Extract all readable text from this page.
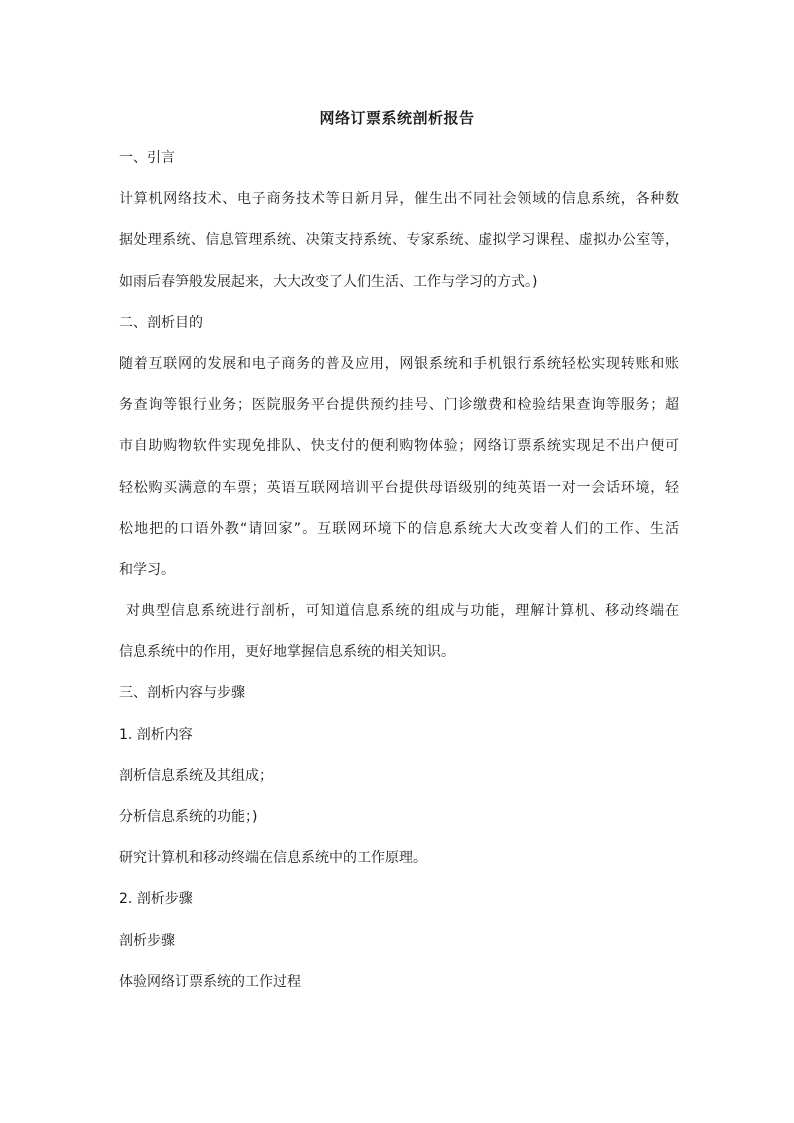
网络订票系统剖析报告
一、引言
计算机网络技术、电子商务技术等日新月异，催生出不同社会领域的信息系统，各种数
据处理系统、信息管理系统、决策支持系统、专家系统、虚拟学习课程、虚拟办公室等，
如雨后春笋般发展起来，大大改变了人们生活、工作与学习的方式。)
二、剖析目的
随着互联网的发展和电子商务的普及应用，网银系统和手机银行系统轻松实现转账和账
务查询等银行业务；医院服务平台提供预约挂号、门诊缴费和检验结果查询等服务；超
市自助购物软件实现免排队、快支付的便利购物体验；网络订票系统实现足不出户便可
轻松购买满意的车票；英语互联网培训平台提供母语级别的纯英语一对一会话环境，轻
松地把的口语外教“请回家”。互联网环境下的信息系统大大改变着人们的工作、生活
和学习。
对典型信息系统进行剖析，可知道信息系统的组成与功能，理解计算机、移动终端在
信息系统中的作用，更好地掌握信息系统的相关知识。
三、剖析内容与步骤
1. 剖析内容
剖析信息系统及其组成；
分析信息系统的功能；)
研究计算机和移动终端在信息系统中的工作原理。
2. 剖析步骤
剖析步骤
体验网络订票系统的工作过程
